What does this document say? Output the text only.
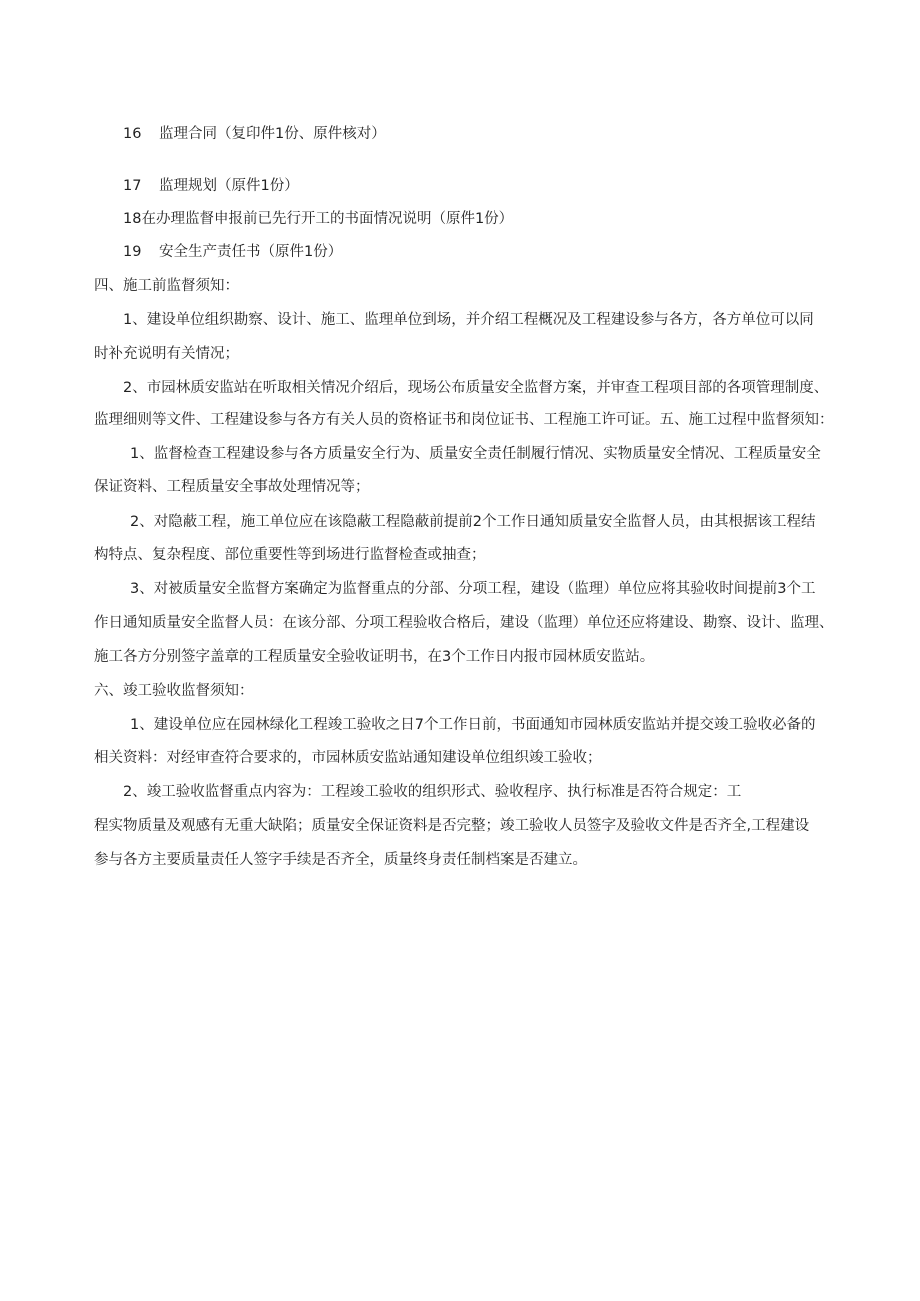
16 监理合同（复印件1份、原件核对）
17 监理规划（原件1份）
18在办理监督申报前已先行开工的书面情况说明（原件1份）
19 安全生产责任书（原件1份）
四、施工前监督须知：
1、建设单位组织勘察、设计、施工、监理单位到场，并介绍工程概况及工程建设参与各方，各方单位可以同
时补充说明有关情况；
2、市园林质安监站在听取相关情况介绍后，现场公布质量安全监督方案，并审查工程项目部的各项管理制度、
监理细则等文件、工程建设参与各方有关人员的资格证书和岗位证书、工程施工许可证。五、施工过程中监督须知：
1、监督检查工程建设参与各方质量安全行为、质量安全责任制履行情况、实物质量安全情况、工程质量安全
保证资料、工程质量安全事故处理情况等；
2、对隐蔽工程，施工单位应在该隐蔽工程隐蔽前提前2个工作日通知质量安全监督人员，由其根据该工程结
构特点、复杂程度、部位重要性等到场进行监督检查或抽查；
3、对被质量安全监督方案确定为监督重点的分部、分项工程，建设（监理）单位应将其验收时间提前3个工
作日通知质量安全监督人员：在该分部、分项工程验收合格后，建设（监理）单位还应将建设、勘察、设计、监理、
施工各方分别签字盖章的工程质量安全验收证明书，在3个工作日内报市园林质安监站。
六、竣工验收监督须知：
1、建设单位应在园林绿化工程竣工验收之日7个工作日前，书面通知市园林质安监站并提交竣工验收必备的
相关资料：对经审查符合要求的，市园林质安监站通知建设单位组织竣工验收；
2、竣工验收监督重点内容为：工程竣工验收的组织形式、验收程序、执行标准是否符合规定：工
程实物质量及观感有无重大缺陷；质量安全保证资料是否完整；竣工验收人员签字及验收文件是否齐全,工程建设
参与各方主要质量责任人签字手续是否齐全，质量终身责任制档案是否建立。
